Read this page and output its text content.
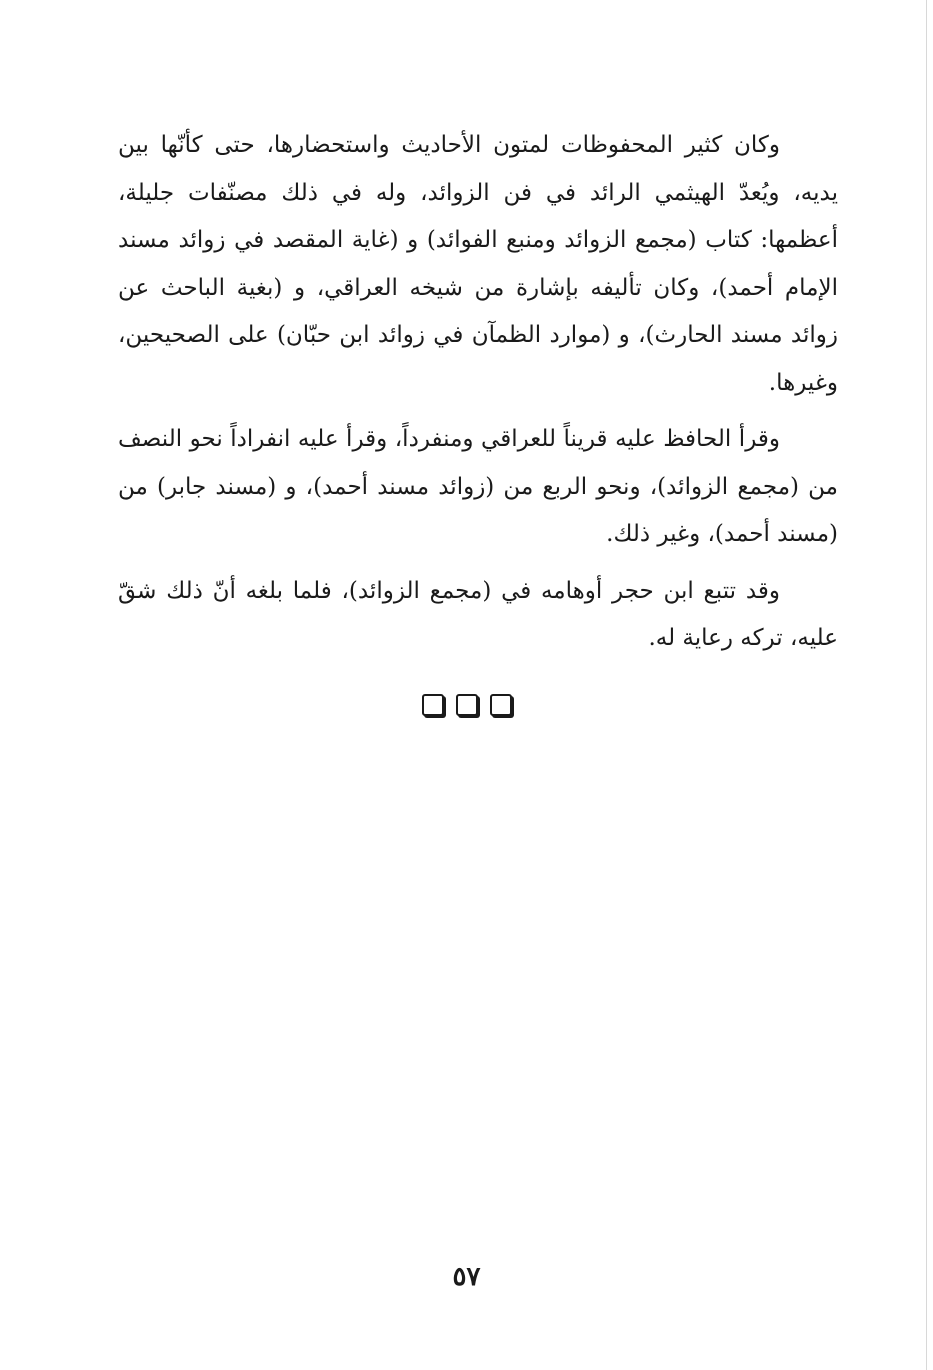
وكان كثير المحفوظات لمتون الأحاديث واستحضارها، حتى كأنّها بين يديه، ويُعدّ الهيثمي الرائد في فن الزوائد، وله في ذلك مصنّفات جليلة، أعظمها: كتاب (مجمع الزوائد ومنبع الفوائد) و (غاية المقصد في زوائد مسند الإمام أحمد)، وكان تأليفه بإشارة من شيخه العراقي، و (بغية الباحث عن زوائد مسند الحارث)، و (موارد الظمآن في زوائد ابن حبّان) على الصحيحين، وغيرها.

وقرأ الحافظ عليه قريناً للعراقي ومنفرداً، وقرأ عليه انفراداً نحو النصف من (مجمع الزوائد)، ونحو الربع من (زوائد مسند أحمد)، و (مسند جابر) من (مسند أحمد)، وغير ذلك.

وقد تتبع ابن حجر أوهامه في (مجمع الزوائد)، فلما بلغه أنّ ذلك شقّ عليه، تركه رعاية له.

٥٧
